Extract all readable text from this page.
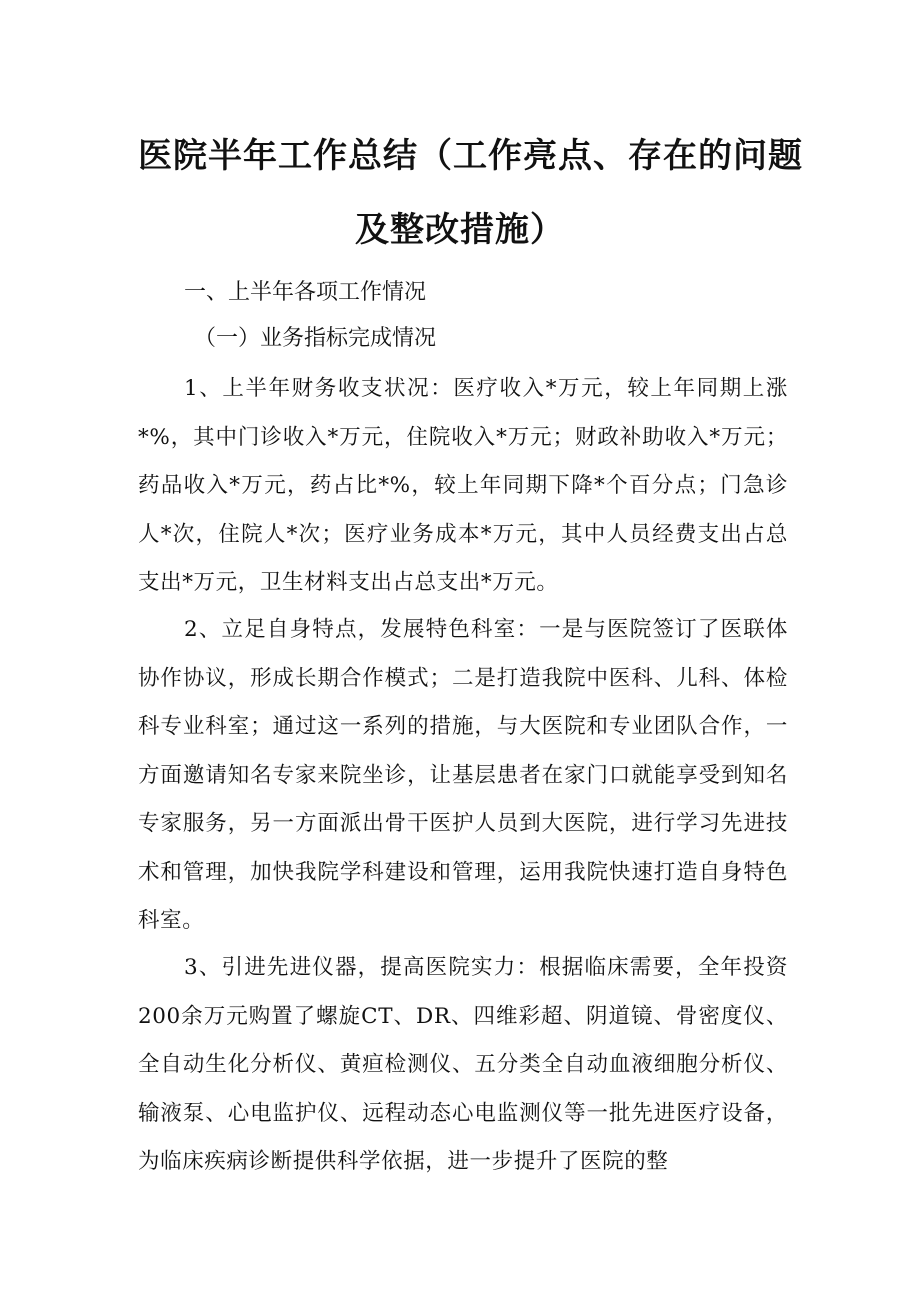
医院半年工作总结（工作亮点、存在的问题
及整改措施）
一、上半年各项工作情况
（一）业务指标完成情况

1、上半年财务收支状况：医疗收入*万元，较上年同期上涨*%，其中门诊收入*万元，住院收入*万元；财政补助收入*万元；药品收入*万元，药占比*%，较上年同期下降*个百分点；门急诊人*次，住院人*次；医疗业务成本*万元，其中人员经费支出占总支出*万元，卫生材料支出占总支出*万元。

2、立足自身特点，发展特色科室：一是与医院签订了医联体协作协议，形成长期合作模式；二是打造我院中医科、儿科、体检科专业科室；通过这一系列的措施，与大医院和专业团队合作，一方面邀请知名专家来院坐诊，让基层患者在家门口就能享受到知名专家服务，另一方面派出骨干医护人员到大医院，进行学习先进技术和管理，加快我院学科建设和管理，运用我院快速打造自身特色科室。

3、引进先进仪器，提高医院实力：根据临床需要，全年投资200余万元购置了螺旋CT、DR、四维彩超、阴道镜、骨密度仪、全自动生化分析仪、黄疸检测仪、五分类全自动血液细胞分析仪、输液泵、心电监护仪、远程动态心电监测仪等一批先进医疗设备，为临床疾病诊断提供科学依据，进一步提升了医院的整
